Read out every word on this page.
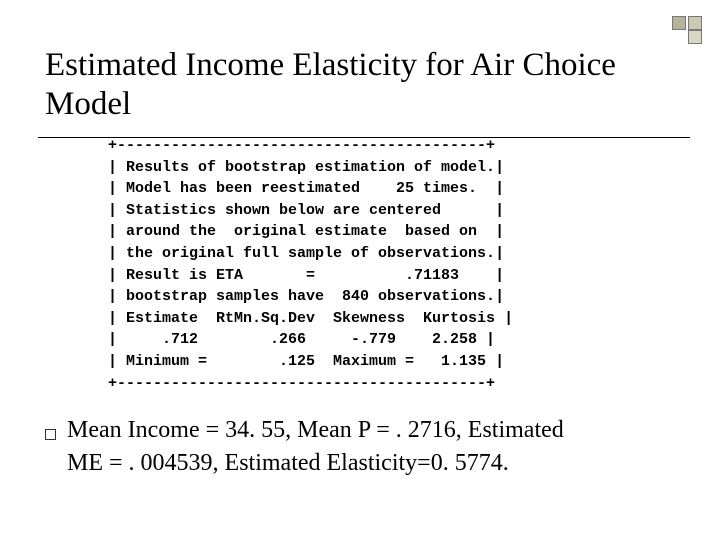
Estimated Income Elasticity for Air Choice
Model
+-----------------------------------------+
| Results of bootstrap estimation of model.|
| Model has been reestimated    25 times.  |
| Statistics shown below are centered      |
| around the  original estimate  based on  |
| the original full sample of observations.|
| Result is ETA       =          .71183    |
| bootstrap samples have  840 observations.|
| Estimate  RtMn.Sq.Dev  Skewness  Kurtosis |
|     .712        .266     -.779    2.258 |
| Minimum =        .125  Maximum =   1.135 |
+-----------------------------------------+

Mean Income = 34. 55, Mean P = . 2716, Estimated
ME = . 004539, Estimated Elasticity=0. 5774.
